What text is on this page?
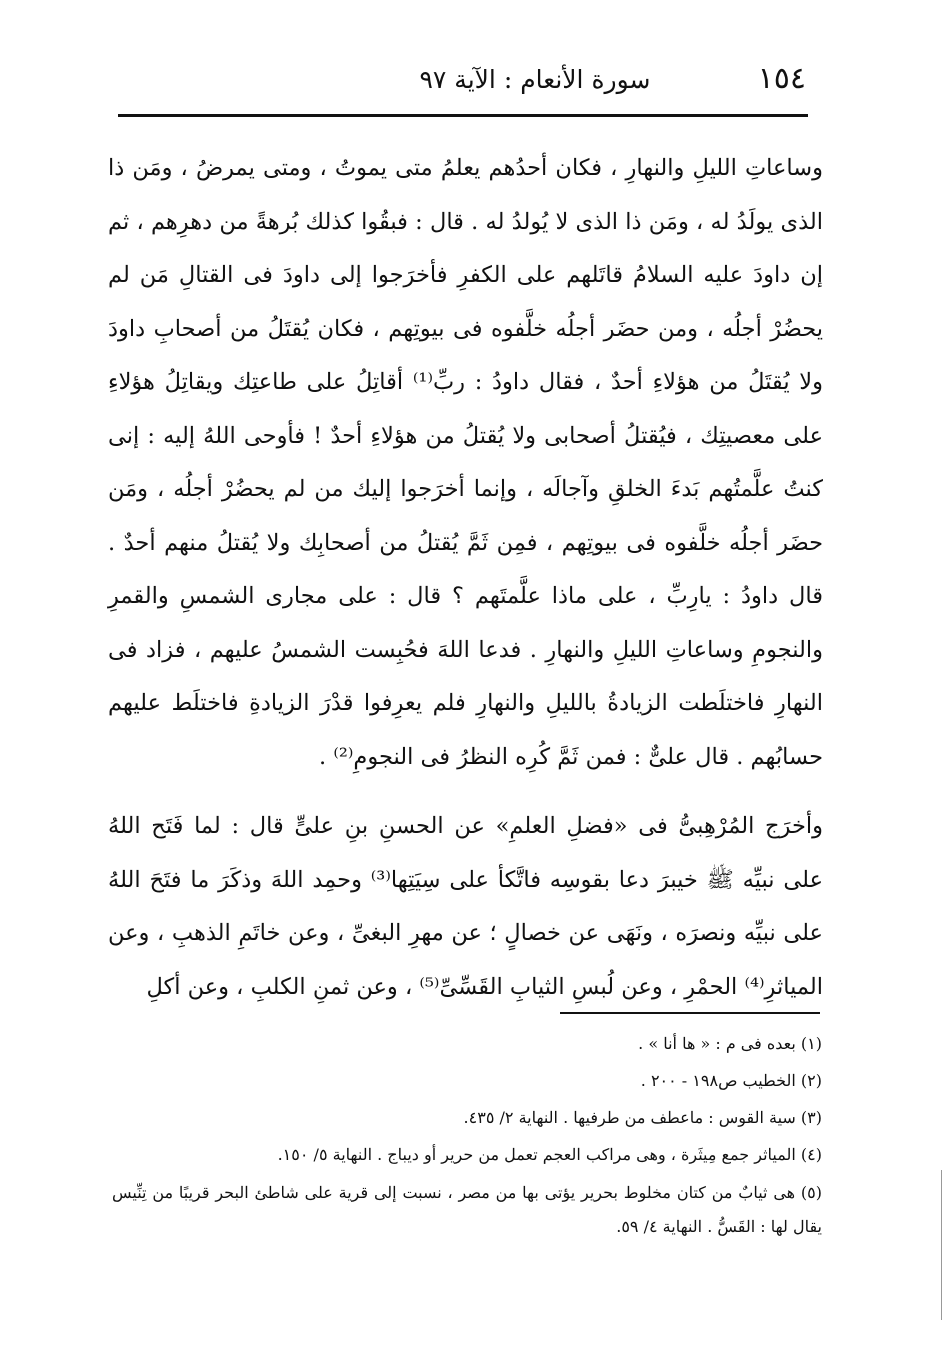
١٥٤
سورة الأنعام : الآية ٩٧

وساعاتِ الليلِ والنهارِ ، فكان أحدُهم يعلمُ متى يموتُ ، ومتى يمرضُ ، ومَن ذا الذى يولَدُ له ، ومَن ذا الذى لا يُولدُ له . قال : فبقُوا كذلك بُرهةً من دهرِهم ، ثم إن داودَ عليه السلامُ قاتَلهم على الكفرِ فأخرَجوا إلى داودَ فى القتالِ مَن لم يحضُرْ أجلُه ، ومن حضَر أجلُه خلَّفوه فى بيوتِهم ، فكان يُقتَلُ من أصحابِ داودَ ولا يُقتَلُ من هؤلاءِ أحدٌ ، فقال داودُ : ربِّ⁽¹⁾ أقاتِلُ على طاعتِك ويقاتِلُ هؤلاءِ على معصيتِك ، فيُقتلُ أصحابى ولا يُقتلُ من هؤلاءِ أحدٌ ! فأوحى اللهُ إليه : إنى كنتُ علَّمتُهم بَدءَ الخلقِ وآجالَه ، وإنما أخرَجوا إليك من لم يحضُرْ أجلُه ، ومَن حضَر أجلُه خلَّفوه فى بيوتِهم ، فمِن ثَمَّ يُقتلُ من أصحابِك ولا يُقتلُ منهم أحدٌ . قال داودُ : يارِبِّ ، على ماذا علَّمتَهم ؟ قال : على مجارى الشمسِ والقمرِ والنجومِ وساعاتِ الليلِ والنهارِ . فدعا اللهَ فحُبِست الشمسُ عليهم ، فزاد فى النهارِ فاختلَطت الزيادةُ بالليلِ والنهارِ فلم يعرِفوا قدْرَ الزيادةِ فاختلَط عليهم حسابُهم . قال علىٌّ : فمن ثَمَّ كُرِه النظرُ فى النجومِ⁽²⁾ .

وأخرَج المُرْهِبىُّ فى «فضلِ العلمِ» عن الحسنِ بنِ علىٍّ قال : لما فَتَح اللهُ على نبيِّه ﷺ خيبرَ دعا بقوسِه فاتَّكأ على سِيَتِها⁽³⁾ وحمِد اللهَ وذكَرَ ما فتَحَ اللهُ على نبيِّه ونصرَه ، ونَهَى عن خصالٍ ؛ عن مهرِ البغىِّ ، وعن خاتَمِ الذهبِ ، وعن المياثرِ⁽⁴⁾ الحمْرِ ، وعن لُبسِ الثيابِ القَسِّىِّ⁽⁵⁾ ، وعن ثمنِ الكلبِ ، وعن أكلِ

(١) بعده فى م : « ها أنا » .

(٢) الخطيب ص١٩٨ - ٢٠٠ .

(٣) سية القوس : ماعطف من طرفيها . النهاية ٢/ ٤٣٥.

(٤) المياثر جمع مِيثَرة ، وهى مراكب العجم تعمل من حرير أو ديباج . النهاية ٥/ ١٥٠.

(٥) هى ثيابٌ من كتان مخلوط بحرير يؤتى بها من مصر ، نسبت إلى قرية على شاطئ البحر قريبًا من تِنِّيس يقال لها : القَسُّ . النهاية ٤/ ٥٩.
